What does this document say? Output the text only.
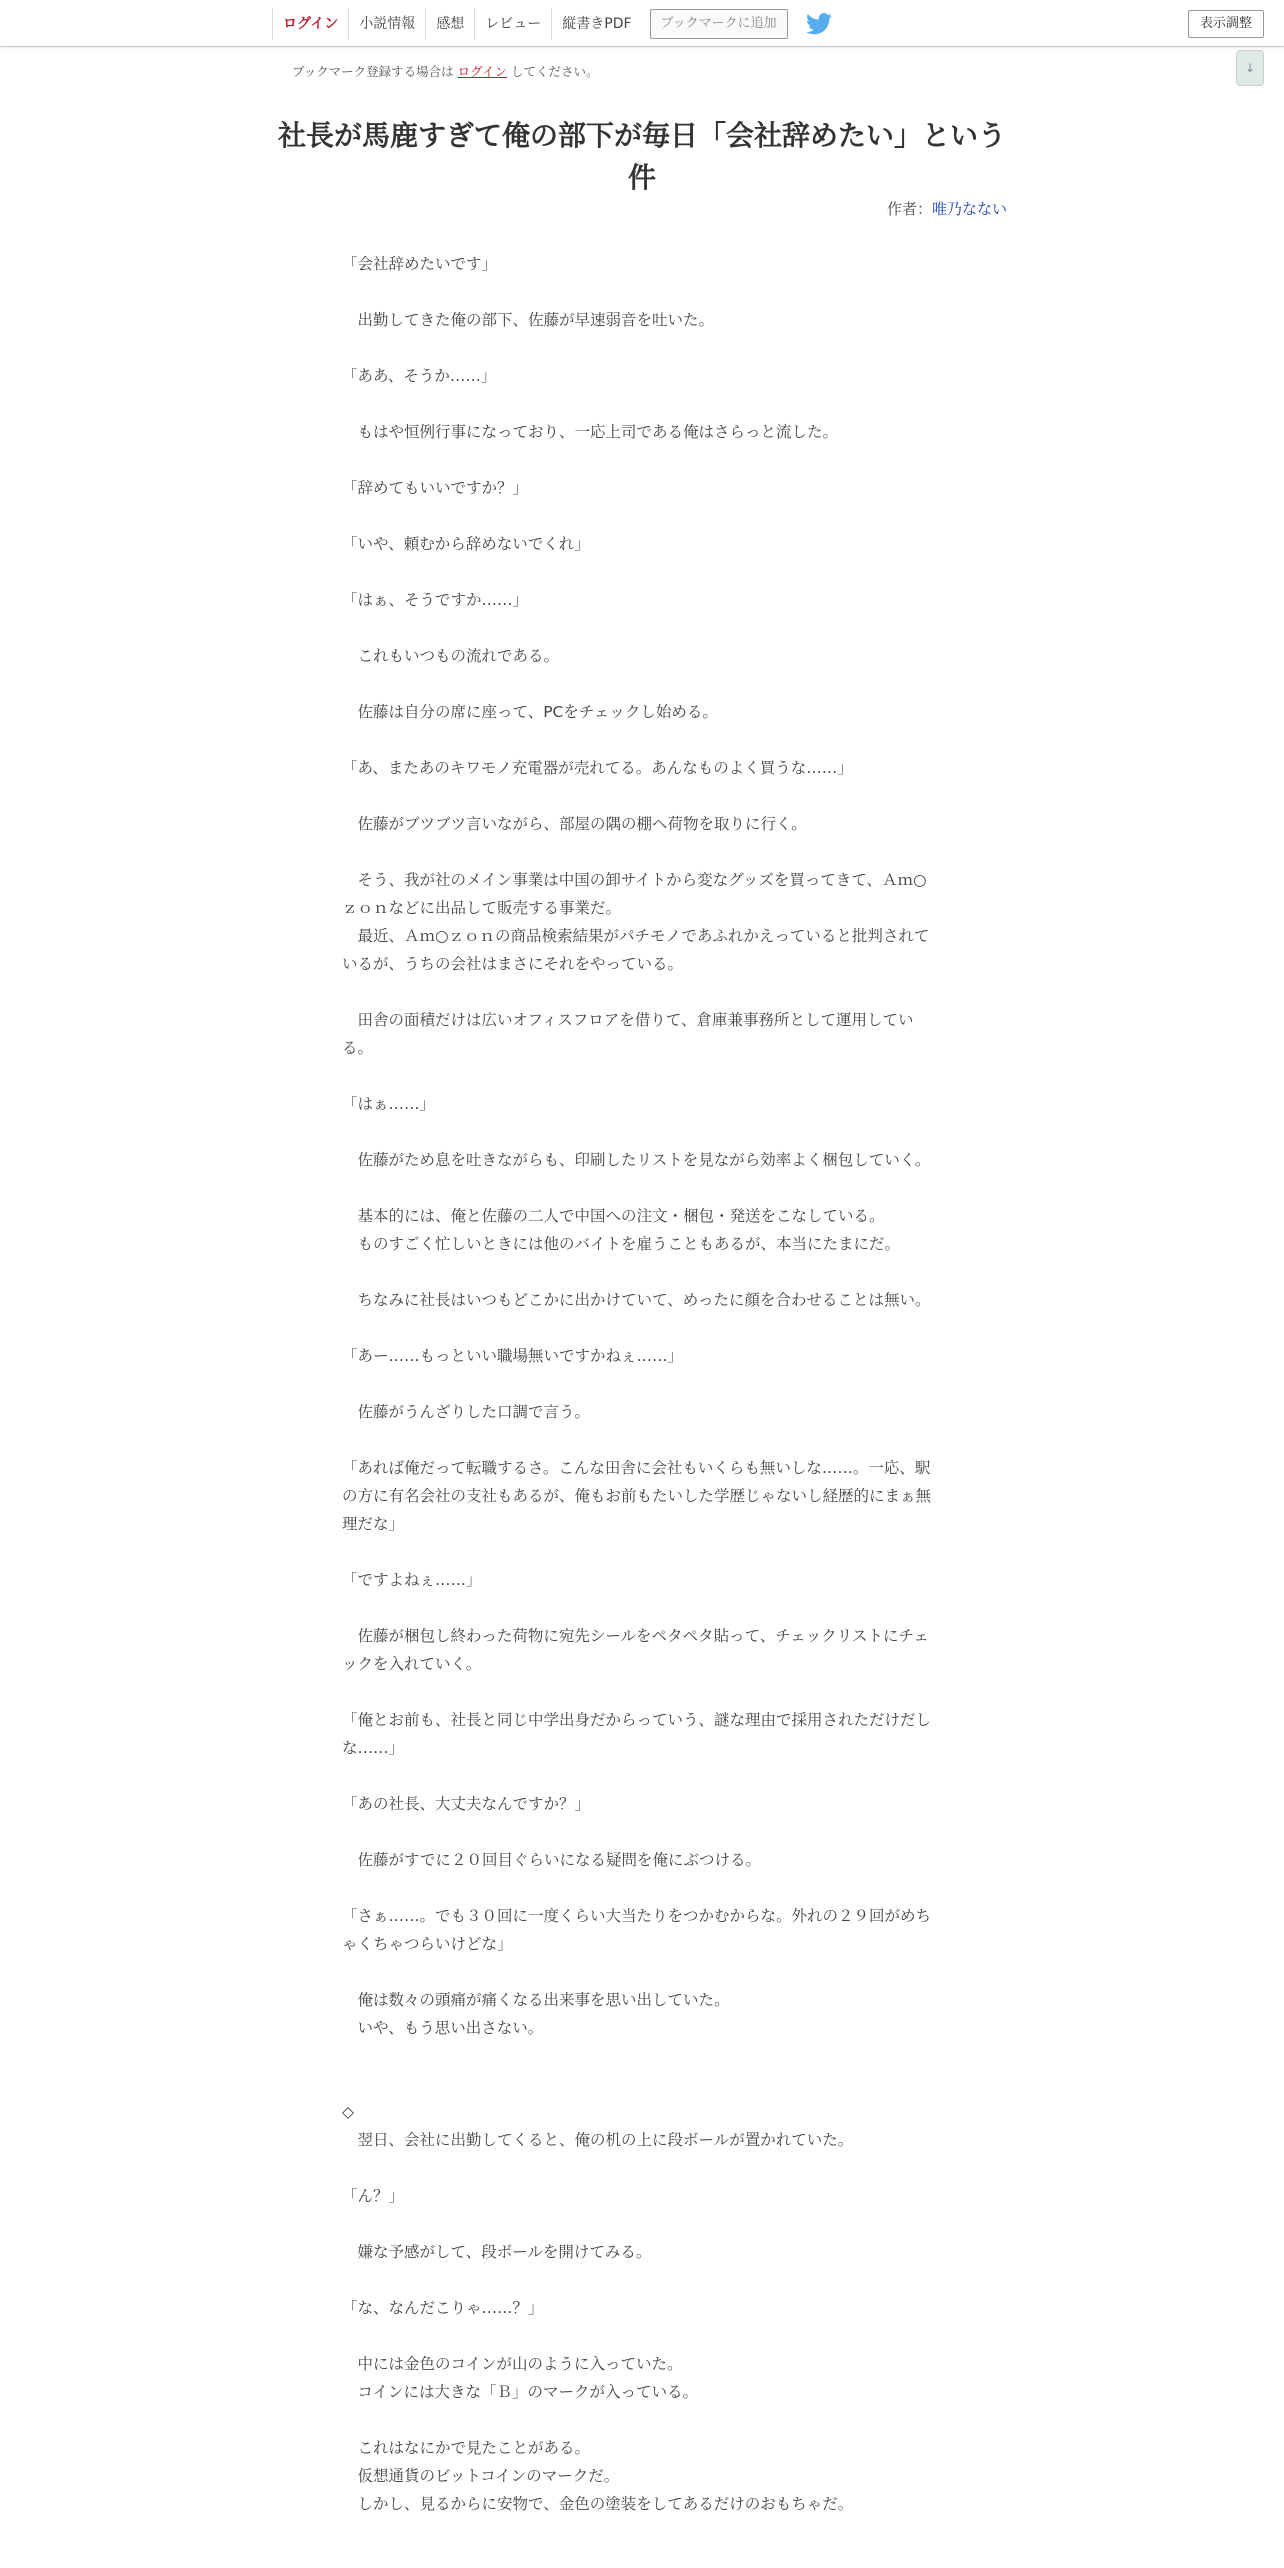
ログイン	小説情報	感想	レビュー	縦書きPDF	ブックマークに追加	表示調整
↓
ブックマーク登録する場合は ログイン してください。
社長が馬鹿すぎて俺の部下が毎日「会社辞めたい」という件
作者：唯乃なない

「会社辞めたいです」

　出勤してきた俺の部下、佐藤が早速弱音を吐いた。

「ああ、そうか……」

　もはや恒例行事になっており、一応上司である俺はさらっと流した。

「辞めてもいいですか？」

「いや、頼むから辞めないでくれ」

「はぁ、そうですか……」

　これもいつもの流れである。

　佐藤は自分の席に座って、PCをチェックし始める。

「あ、またあのキワモノ充電器が売れてる。あんなものよく買うな……」

　佐藤がブツブツ言いながら、部屋の隅の棚へ荷物を取りに行く。

　そう、我が社のメイン事業は中国の卸サイトから変なグッズを買ってきて、Ａｍ○ｚｏｎなどに出品して販売する事業だ。

　最近、Ａｍ○ｚｏｎの商品検索結果がパチモノであふれかえっていると批判されているが、うちの会社はまさにそれをやっている。

　田舎の面積だけは広いオフィスフロアを借りて、倉庫兼事務所として運用している。

「はぁ……」

　佐藤がため息を吐きながらも、印刷したリストを見ながら効率よく梱包していく。

　基本的には、俺と佐藤の二人で中国への注文・梱包・発送をこなしている。

　ものすごく忙しいときには他のバイトを雇うこともあるが、本当にたまにだ。

　ちなみに社長はいつもどこかに出かけていて、めったに顔を合わせることは無い。

「あー……もっといい職場無いですかねぇ……」

　佐藤がうんざりした口調で言う。

「あれば俺だって転職するさ。こんな田舎に会社もいくらも無いしな……。一応、駅の方に有名会社の支社もあるが、俺もお前もたいした学歴じゃないし経歴的にまぁ無理だな」

「ですよねぇ……」

　佐藤が梱包し終わった荷物に宛先シールをペタペタ貼って、チェックリストにチェックを入れていく。

「俺とお前も、社長と同じ中学出身だからっていう、謎な理由で採用されただけだしな……」

「あの社長、大丈夫なんですか？」

　佐藤がすでに２０回目ぐらいになる疑問を俺にぶつける。

「さぁ……。でも３０回に一度くらい大当たりをつかむからな。外れの２９回がめちゃくちゃつらいけどな」

　俺は数々の頭痛が痛くなる出来事を思い出していた。

　いや、もう思い出さない。

◇

　翌日、会社に出勤してくると、俺の机の上に段ボールが置かれていた。

「ん？」

　嫌な予感がして、段ボールを開けてみる。

「な、なんだこりゃ……？」

　中には金色のコインが山のように入っていた。

　コインには大きな「Ｂ」のマークが入っている。

　これはなにかで見たことがある。

　仮想通貨のビットコインのマークだ。

　しかし、見るからに安物で、金色の塗装をしてあるだけのおもちゃだ。
